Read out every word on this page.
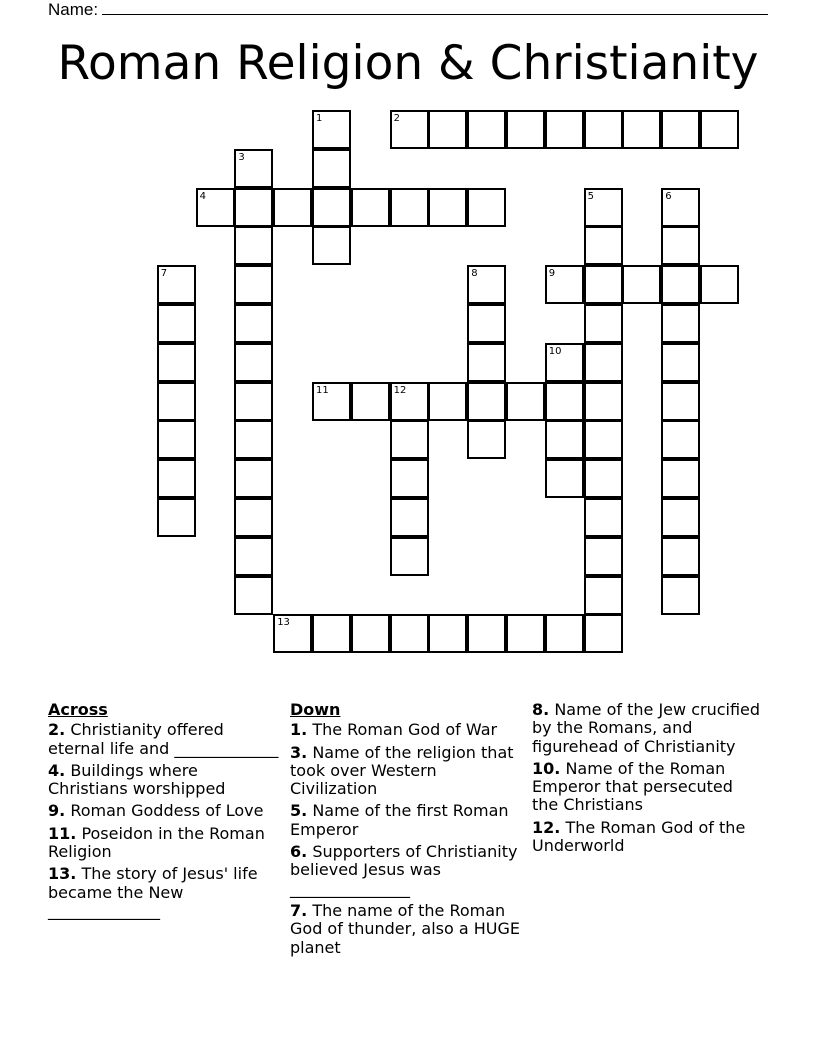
Name:
Roman Religion & Christianity
1	2
3
4	5	6
7	8	9
10
11	12
13
Across
2. Christianity offered eternal life and _____________
4. Buildings where Christians worshipped
9. Roman Goddess of Love
11. Poseidon in the Roman Religion
13. The story of Jesus' life became the New ______________
Down
1. The Roman God of War
3. Name of the religion that took over Western Civilization
5. Name of the first Roman Emperor
6. Supporters of Christianity believed Jesus was _______________
7. The name of the Roman God of thunder, also a HUGE planet
8. Name of the Jew crucified by the Romans, and figurehead of Christianity
10. Name of the Roman Emperor that persecuted the Christians
12. The Roman God of the Underworld
